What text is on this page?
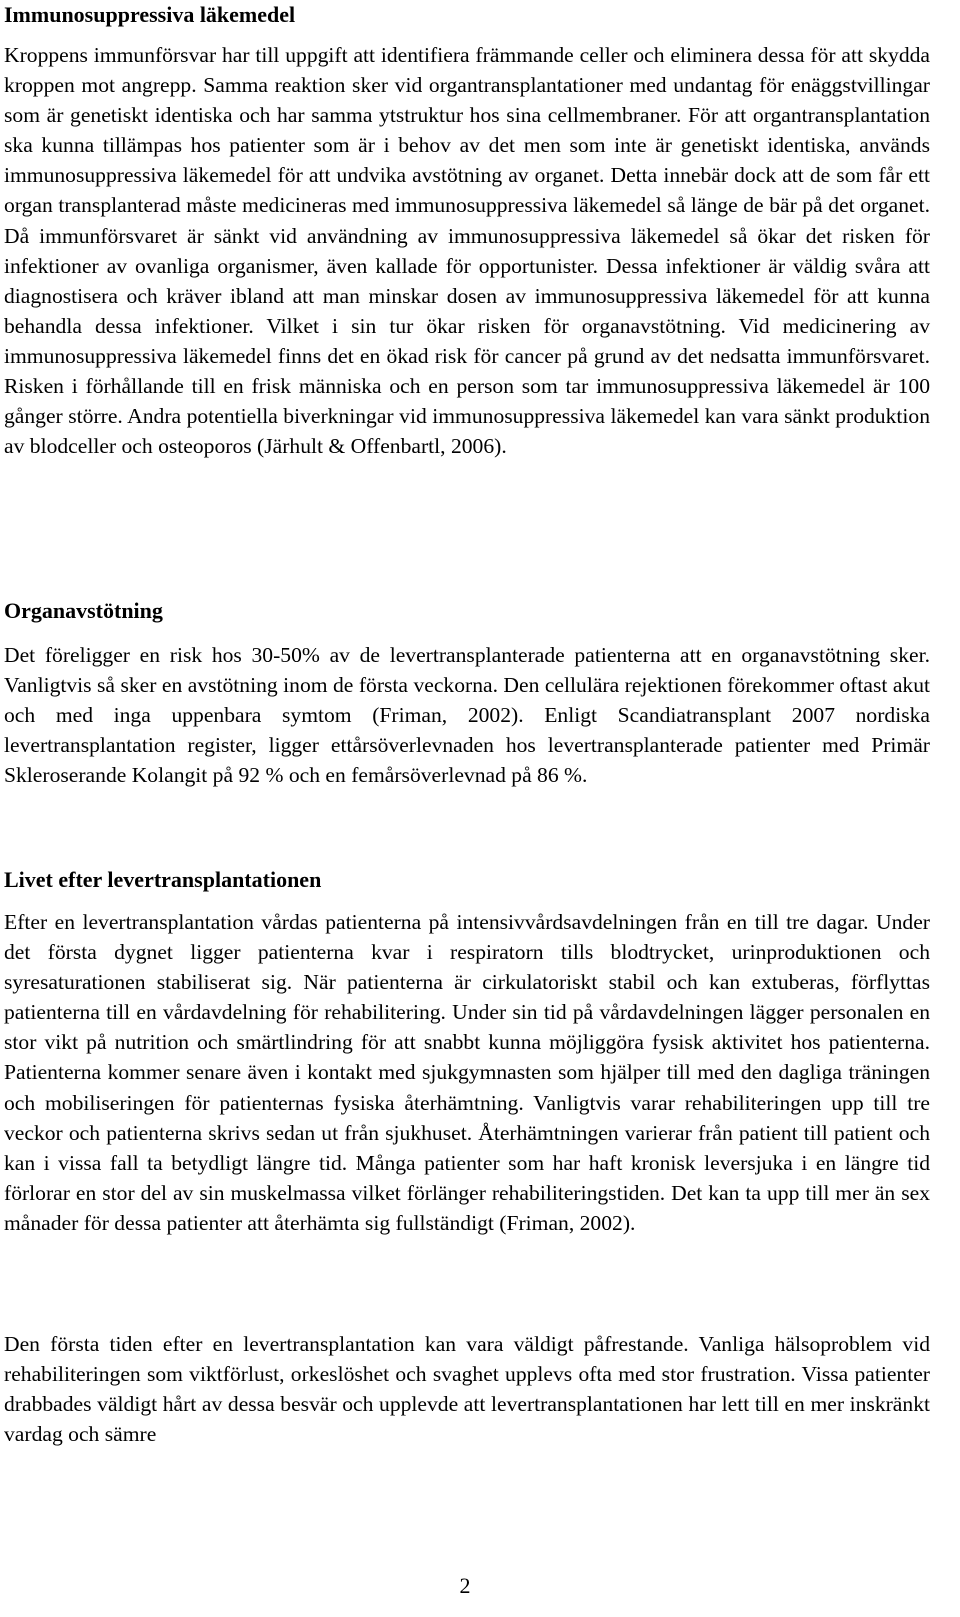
Immunosuppressiva läkemedel

Kroppens immunförsvar har till uppgift att identifiera främmande celler och eliminera dessa för att skydda kroppen mot angrepp. Samma reaktion sker vid organtransplantationer med undantag för enäggstvillingar som är genetiskt identiska och har samma ytstruktur hos sina cellmembraner. För att organtransplantation ska kunna tillämpas hos patienter som är i behov av det men som inte är genetiskt identiska, används immunosuppressiva läkemedel för att undvika avstötning av organet. Detta innebär dock att de som får ett organ transplanterad måste medicineras med immunosuppressiva läkemedel så länge de bär på det organet. Då immunförsvaret är sänkt vid användning av immunosuppressiva läkemedel så ökar det risken för infektioner av ovanliga organismer, även kallade för opportunister. Dessa infektioner är väldig svåra att diagnostisera och kräver ibland att man minskar dosen av immunosuppressiva läkemedel för att kunna behandla dessa infektioner. Vilket i sin tur ökar risken för organavstötning. Vid medicinering av immunosuppressiva läkemedel finns det en ökad risk för cancer på grund av det nedsatta immunförsvaret. Risken i förhållande till en frisk människa och en person som tar immunosuppressiva läkemedel är 100 gånger större. Andra potentiella biverkningar vid immunosuppressiva läkemedel kan vara sänkt produktion av blodceller och osteoporos (Järhult & Offenbartl, 2006).

Organavstötning

Det föreligger en risk hos 30-50% av de levertransplanterade patienterna att en organavstötning sker. Vanligtvis så sker en avstötning inom de första veckorna. Den cellulära rejektionen förekommer oftast akut och med inga uppenbara symtom (Friman, 2002). Enligt Scandiatransplant 2007 nordiska levertransplantation register, ligger ettårsöverlevnaden hos levertransplanterade patienter med Primär Skleroserande Kolangit på 92 % och en femårsöverlevnad på 86 %.

Livet efter levertransplantationen

Efter en levertransplantation vårdas patienterna på intensivvårdsavdelningen från en till tre dagar. Under det första dygnet ligger patienterna kvar i respiratorn tills blodtrycket, urinproduktionen och syresaturationen stabiliserat sig. När patienterna är cirkulatoriskt stabil och kan extuberas, förflyttas patienterna till en vårdavdelning för rehabilitering. Under sin tid på vårdavdelningen lägger personalen en stor vikt på nutrition och smärtlindring för att snabbt kunna möjliggöra fysisk aktivitet hos patienterna. Patienterna kommer senare även i kontakt med sjukgymnasten som hjälper till med den dagliga träningen och mobiliseringen för patienternas fysiska återhämtning. Vanligtvis varar rehabiliteringen upp till tre veckor och patienterna skrivs sedan ut från sjukhuset. Återhämtningen varierar från patient till patient och kan i vissa fall ta betydligt längre tid. Många patienter som har haft kronisk leversjuka i en längre tid förlorar en stor del av sin muskelmassa vilket förlänger rehabiliteringstiden. Det kan ta upp till mer än sex månader för dessa patienter att återhämta sig fullständigt (Friman, 2002).

Den första tiden efter en levertransplantation kan vara väldigt påfrestande. Vanliga hälsoproblem vid rehabiliteringen som viktförlust, orkeslöshet och svaghet upplevs ofta med stor frustration. Vissa patienter drabbades väldigt hårt av dessa besvär och upplevde att levertransplantationen har lett till en mer inskränkt vardag och sämre

2
